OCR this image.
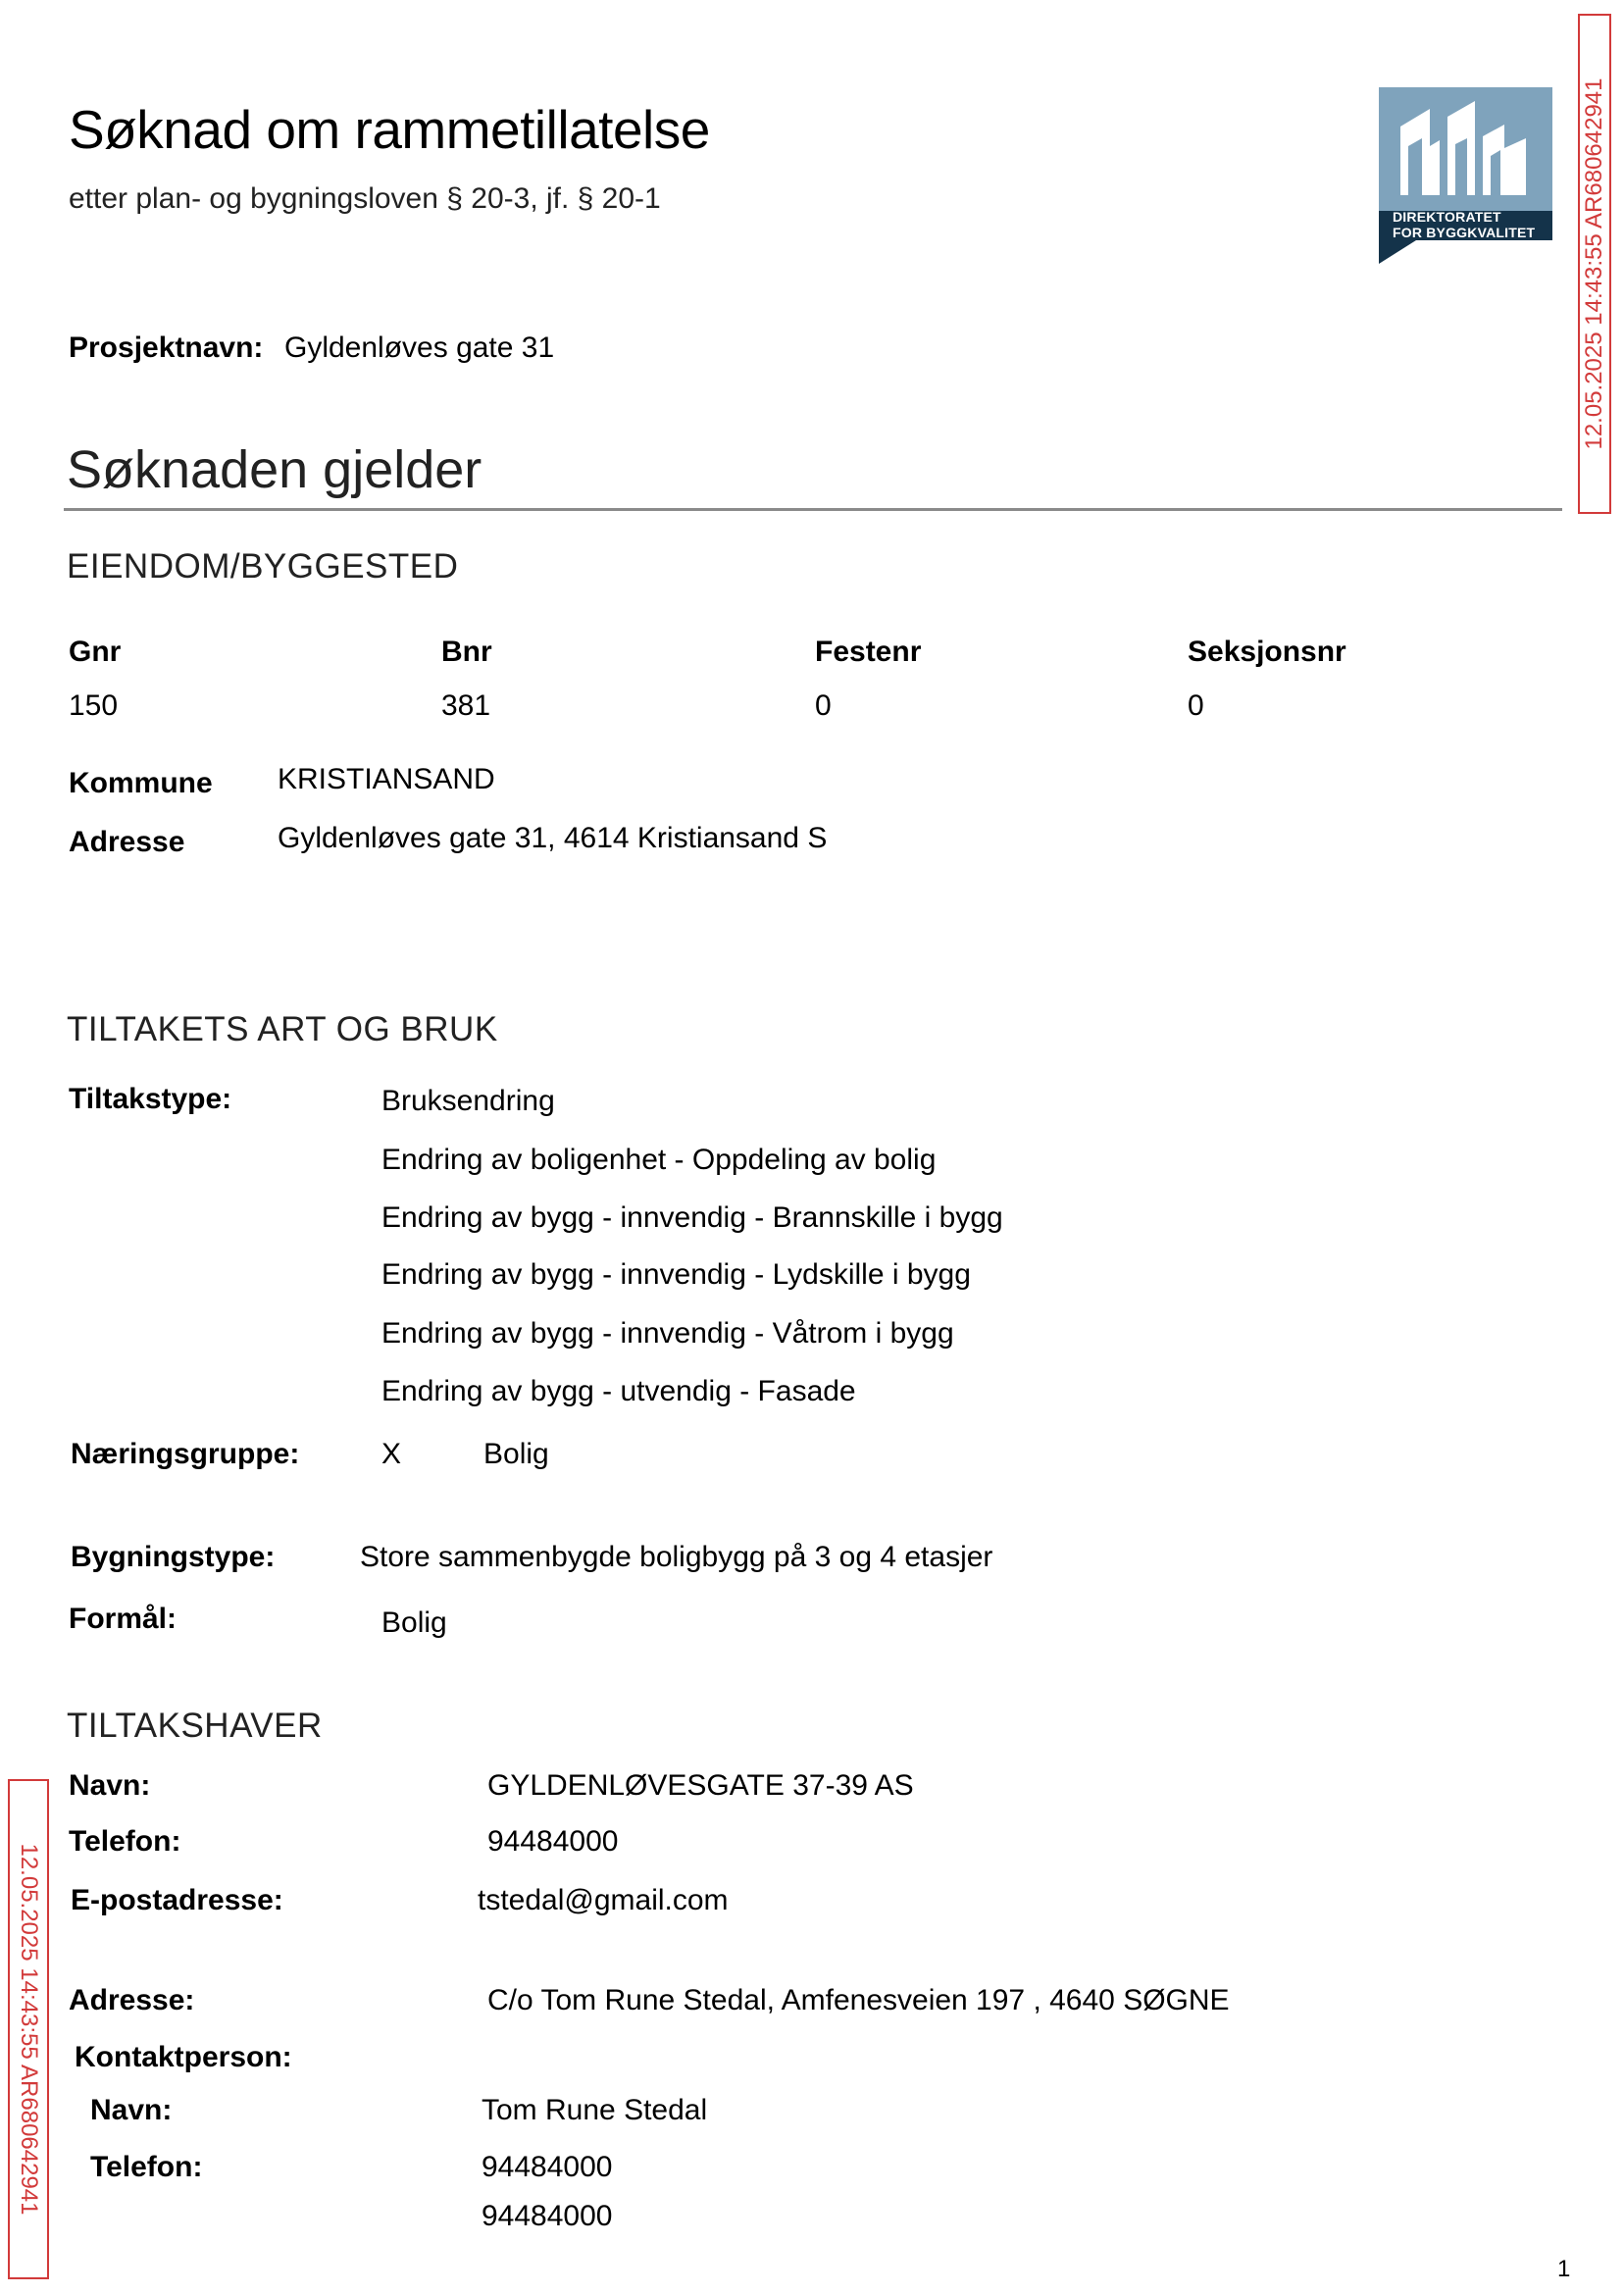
Søknad om rammetillatelse
etter plan- og bygningsloven § 20-3, jf. § 20-1
DIREKTORATET
FOR BYGGKVALITET
Prosjektnavn: Gyldenløves gate 31
Søknaden gjelder
EIENDOM/BYGGESTED
Gnr	Bnr	Festenr	Seksjonsnr
150	381	0	0
Kommune KRISTIANSAND
Adresse	Gyldenløves gate 31, 4614 Kristiansand S
TILTAKETS ART OG BRUK
Tiltakstype:	Bruksendring
Endring av boligenhet - Oppdeling av bolig
Endring av bygg - innvendig - Brannskille i bygg
Endring av bygg - innvendig - Lydskille i bygg
Endring av bygg - innvendig - Våtrom i bygg
Endring av bygg - utvendig - Fasade
Næringsgruppe:	X	Bolig
Bygningstype:	Store sammenbygde boligbygg på 3 og 4 etasjer
Formål:	Bolig
TILTAKSHAVER
Navn:	GYLDENLØVESGATE 37-39 AS
Telefon:	94484000
E-postadresse:	tstedal@gmail.com
Adresse:	C/o Tom Rune Stedal, Amfenesveien 197 , 4640 SØGNE
Kontaktperson:
Navn:	Tom Rune Stedal
Telefon:	94484000
94484000
12.05.2025 14:43:55 AR680642941
12.05.2025 14:43:55 AR680642941
1
